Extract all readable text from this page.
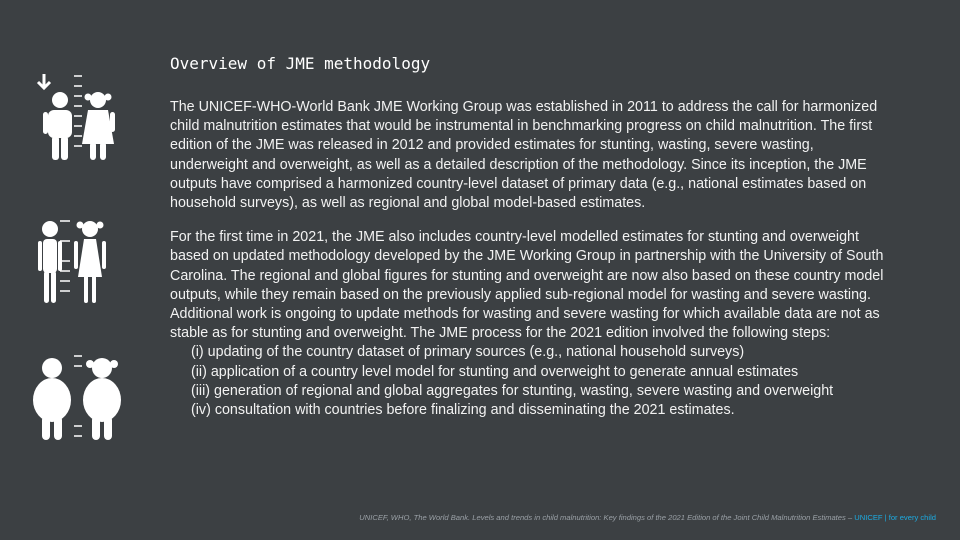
Overview of JME methodology

The UNICEF-WHO-World Bank JME Working Group was established in 2011 to address the call for harmonized child malnutrition estimates that would be instrumental in benchmarking progress on child malnutrition. The first edition of the JME was released in 2012 and provided estimates for stunting, wasting, severe wasting, underweight and overweight, as well as a detailed description of the methodology. Since its inception, the JME outputs have comprised a harmonized country-level dataset of primary data (e.g., national estimates based on household surveys), as well as regional and global model-based estimates.

For the first time in 2021, the JME also includes country-level modelled estimates for stunting and overweight based on updated methodology developed by the JME Working Group in partnership with the University of South Carolina. The regional and global figures for stunting and overweight are now also based on these country model outputs, while they remain based on the previously applied sub-regional model for wasting and severe wasting. Additional work is ongoing to update methods for wasting and severe wasting for which available data are not as stable as for stunting and overweight. The JME process for the 2021 edition involved the following steps:

(i) updating of the country dataset of primary sources (e.g., national household surveys)
(ii) application of a country level model for stunting and overweight to generate annual estimates
(iii) generation of regional and global aggregates for stunting, wasting, severe wasting and overweight
(iv) consultation with countries before finalizing and disseminating the 2021 estimates.
UNICEF, WHO, The World Bank. Levels and trends in child malnutrition: Key findings of the 2021 Edition of the Joint Child Malnutrition Estimates – UNICEF | for every child
